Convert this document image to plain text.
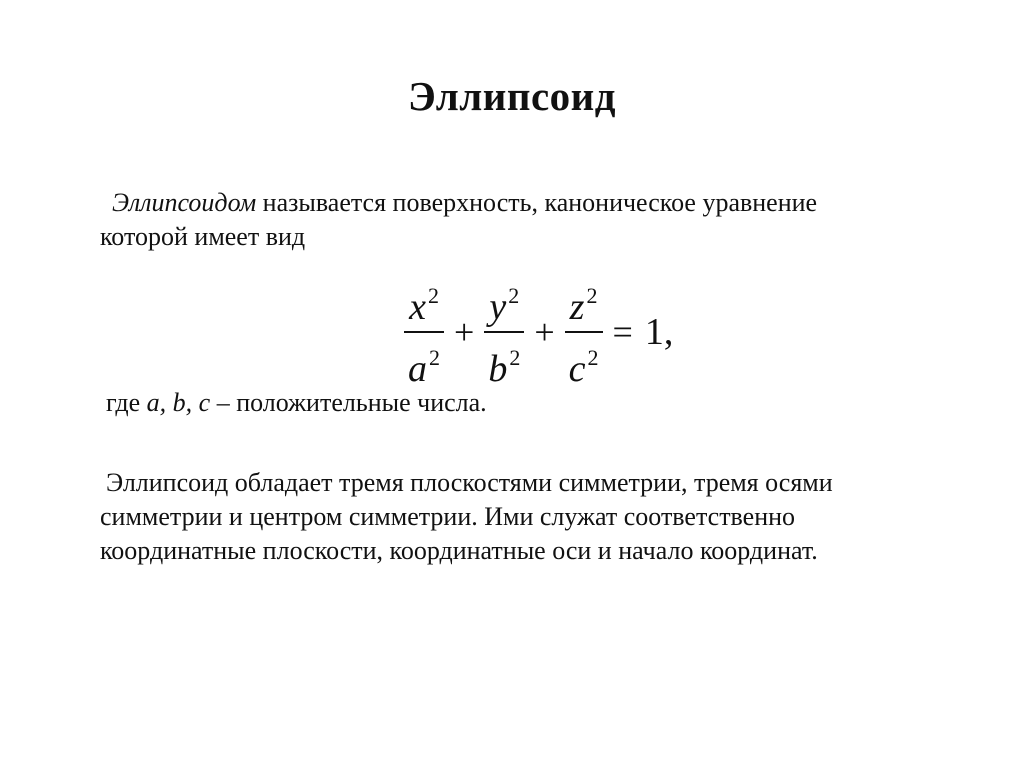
Эллипсоид
Эллипсоидом называется поверхность, каноническое уравнение
которой имеет вид
$\frac{x^2}{a^2} + \frac{y^2}{b^2} + \frac{z^2}{c^2} = 1$,
где a, b, c – положительные числа.
Эллипсоид обладает тремя плоскостями симметрии, тремя осями
симметрии и центром симметрии. Ими служат соответственно
координатные плоскости, координатные оси и начало координат.
